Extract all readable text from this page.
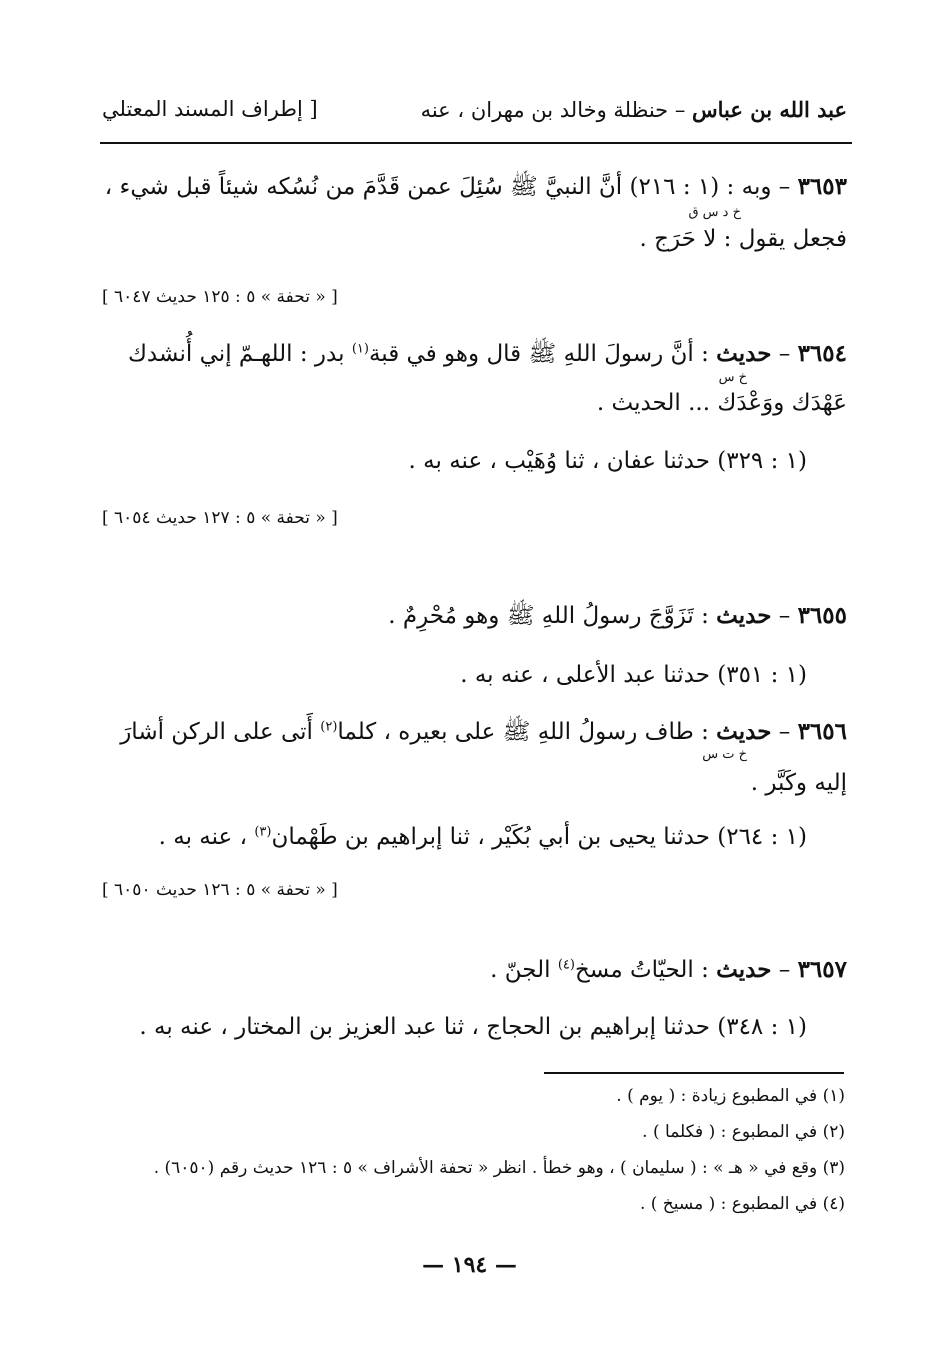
عبد الله بن عباس – حنظلة وخالد بن مهران ، عنه
[ إطراف المسند المعتلي
٣٦٥٣ – وبه : (١ : ٢١٦) أنَّ النبيَّ ﷺ سُئِلَ عمن قَدَّمَ من نُسُكه شيئاً قبل شيء ،
خ د س ق
فجعل يقول : لا حَرَج .
[ « تحفة » ٥ : ١٢٥ حديث ٦٠٤٧ ]
٣٦٥٤ – حديث : أنَّ رسولَ اللهِ ﷺ قال وهو في قبة$^{(١)}$ بدر : اللهـمّ إني أُنشدك
خ س
عَهْدَك ووَعْدَك ... الحديث .
(١ : ٣٢٩) حدثنا عفان ، ثنا وُهَيْب ، عنه به .
[ « تحفة » ٥ : ١٢٧ حديث ٦٠٥٤ ]
٣٦٥٥ – حديث : تَزَوَّجَ رسولُ اللهِ ﷺ وهو مُحْرِمٌ .
(١ : ٣٥١) حدثنا عبد الأعلى ، عنه به .
٣٦٥٦ – حديث : طاف رسولُ اللهِ ﷺ على بعيره ، كلما$^{(٢)}$ أَتى على الركن أشارَ
خ ت س
إليه وكَبَّر .
(١ : ٢٦٤) حدثنا يحيى بن أبي بُكَيْر ، ثنا إبراهيم بن طَهْمان$^{(٣)}$ ، عنه به .
[ « تحفة » ٥ : ١٢٦ حديث ٦٠٥٠ ]
٣٦٥٧ – حديث : الحيّاتُ مسخ$^{(٤)}$ الجنّ .
(١ : ٣٤٨) حدثنا إبراهيم بن الحجاج ، ثنا عبد العزيز بن المختار ، عنه به .
(١) في المطبوع زيادة : ( يوم ) .
(٢) في المطبوع : ( فكلما ) .
(٣) وقع في « هـ » : ( سليمان ) ، وهو خطأ . انظر « تحفة الأشراف » ٥ : ١٢٦ حديث رقم (٦٠٥٠) .
(٤) في المطبوع : ( مسيخ ) .
— ١٩٤ —
